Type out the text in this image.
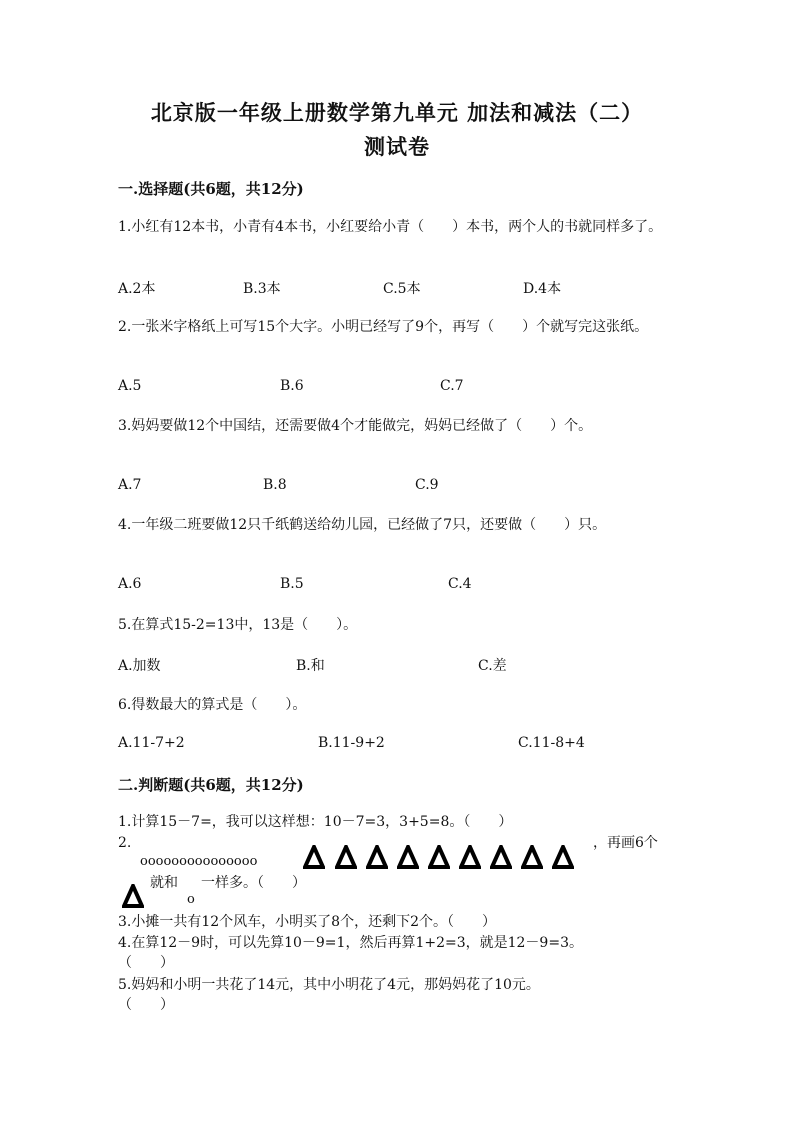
北京版一年级上册数学第九单元 加法和减法（二）
测试卷
一.选择题(共6题，共12分)
1.小红有12本书，小青有4本书，小红要给小青（　　）本书，两个人的书就同样多了。
A.2本	B.3本	C.5本	D.4本
2.一张米字格纸上可写15个大字。小明已经写了9个，再写（　　）个就写完这张纸。
A.5	B.6	C.7
3.妈妈要做12个中国结，还需要做4个才能做完，妈妈已经做了（　　）个。
A.7	B.8	C.9
4.一年级二班要做12只千纸鹤送给幼儿园，已经做了7只，还要做（　　）只。
A.6	B.5	C.4
5.在算式15-2=13中，13是（　　）。
A.加数	B.和	C.差
6.得数最大的算式是（　　）。
A.11-7+2	B.11-9+2	C.11-8+4
二.判断题(共6题，共12分)
1.计算15－7=，我可以这样想：10－7=3，3+5=8。（　　）
2.
ooooooooooooooo
，再画6个
就和
o
一样多。（　　）
3.小摊一共有12个风车，小明买了8个，还剩下2个。（　　）
4.在算12－9时，可以先算10－9=1，然后再算1+2=3，就是12－9=3。
（　　）
5.妈妈和小明一共花了14元，其中小明花了4元，那妈妈花了10元。
（　　）
